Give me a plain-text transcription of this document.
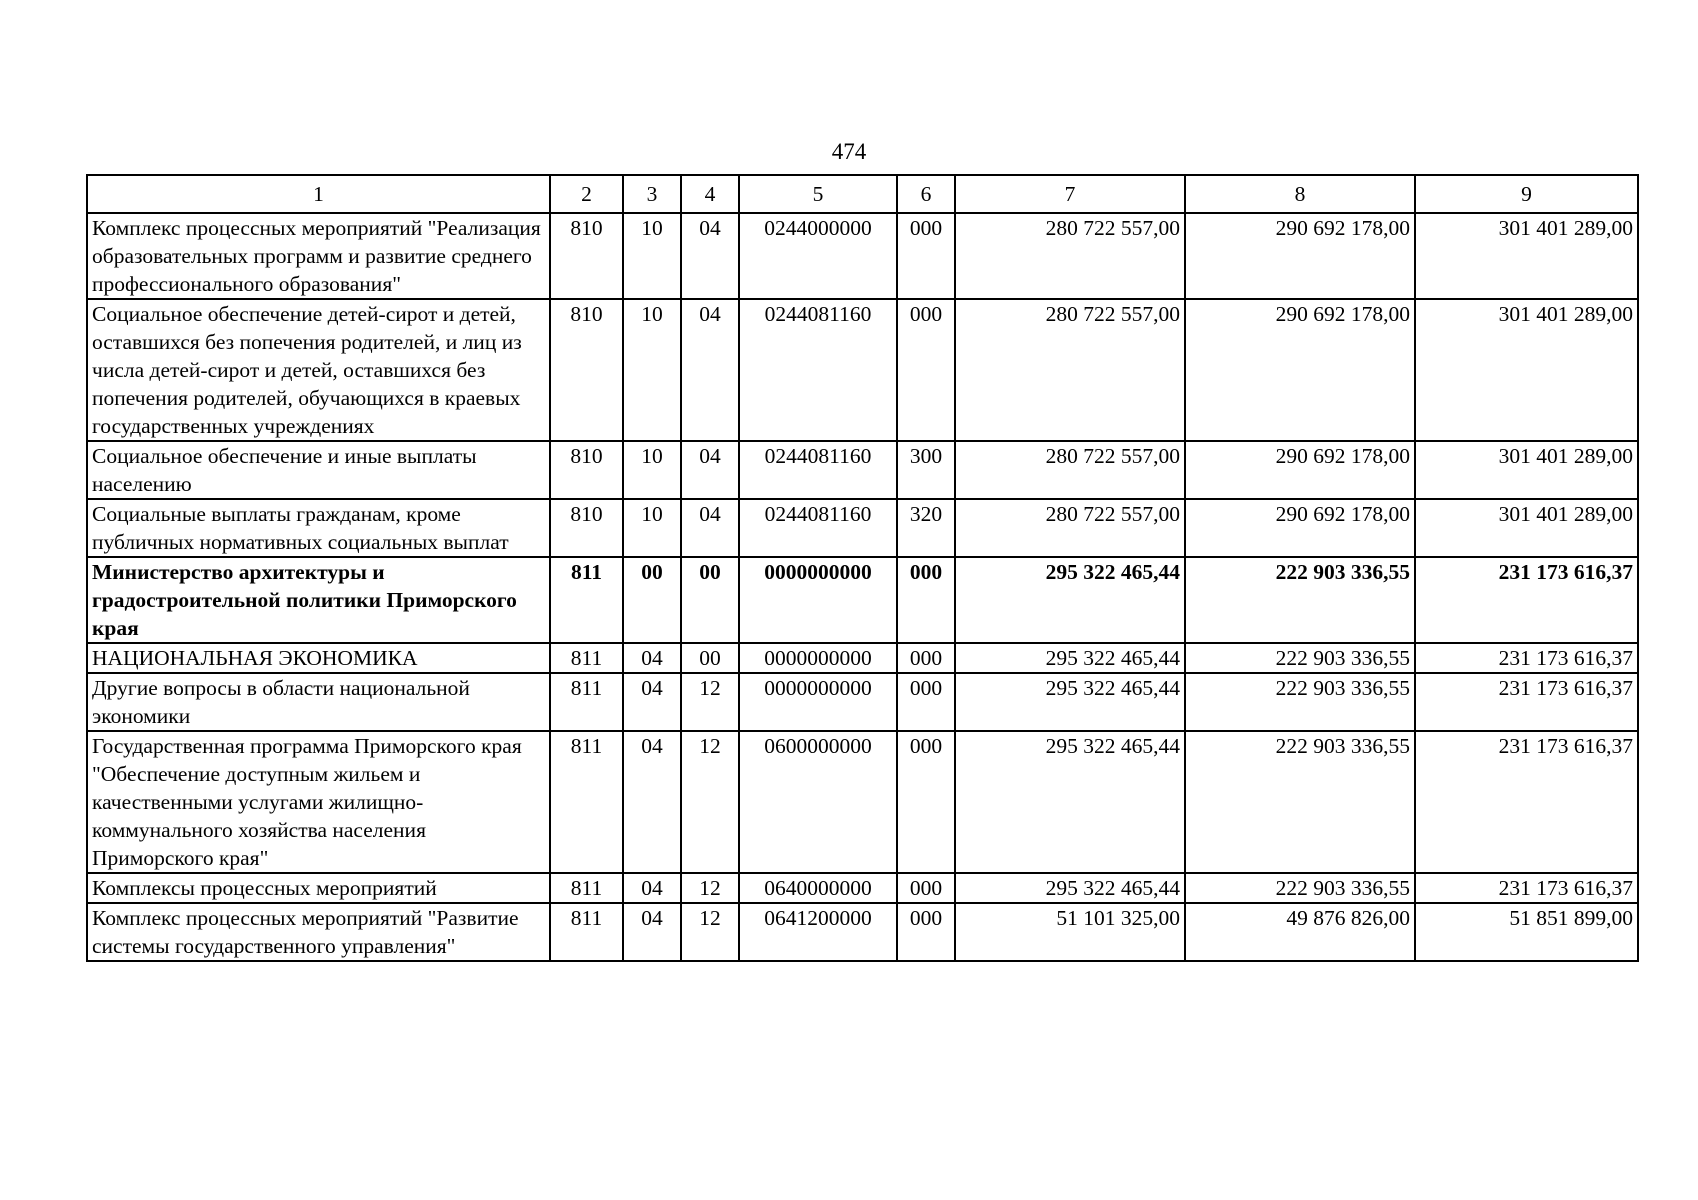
474
1	2	3	4	5	6	7	8	9
Комплекс процессных мероприятий "Реализация образовательных программ и развитие среднего профессионального образования"	810	10	04	0244000000	000	280 722 557,00	290 692 178,00	301 401 289,00
Социальное обеспечение детей-сирот и детей, оставшихся без попечения родителей, и лиц из числа детей-сирот и детей, оставшихся без попечения родителей, обучающихся в краевых государственных учреждениях	810	10	04	0244081160	000	280 722 557,00	290 692 178,00	301 401 289,00
Социальное обеспечение и иные выплаты населению	810	10	04	0244081160	300	280 722 557,00	290 692 178,00	301 401 289,00
Социальные выплаты гражданам, кроме публичных нормативных социальных выплат	810	10	04	0244081160	320	280 722 557,00	290 692 178,00	301 401 289,00
Министерство архитектуры и градостроительной политики Приморского края	811	00	00	0000000000	000	295 322 465,44	222 903 336,55	231 173 616,37
НАЦИОНАЛЬНАЯ ЭКОНОМИКА	811	04	00	0000000000	000	295 322 465,44	222 903 336,55	231 173 616,37
Другие вопросы в области национальной экономики	811	04	12	0000000000	000	295 322 465,44	222 903 336,55	231 173 616,37
Государственная программа Приморского края "Обеспечение доступным жильем и качественными услугами жилищно-коммунального хозяйства населения Приморского края"	811	04	12	0600000000	000	295 322 465,44	222 903 336,55	231 173 616,37
Комплексы процессных мероприятий	811	04	12	0640000000	000	295 322 465,44	222 903 336,55	231 173 616,37
Комплекс процессных мероприятий "Развитие системы государственного управления"	811	04	12	0641200000	000	51 101 325,00	49 876 826,00	51 851 899,00
